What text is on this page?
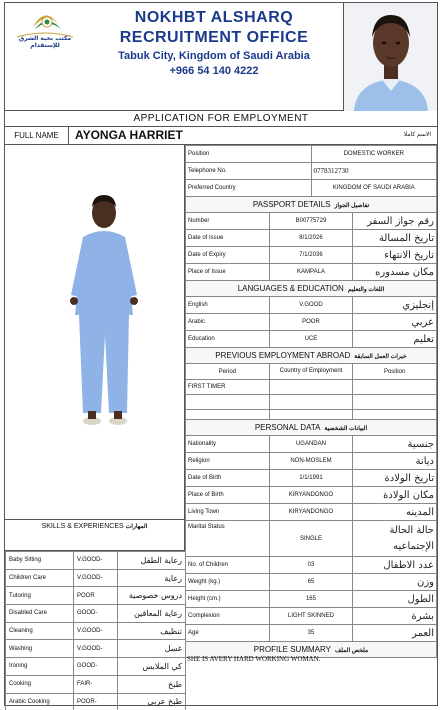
مكتب نخبة الشرق للإستقدام
NOKHBT ALSHARQ
RECRUITMENT OFFICE
Tabuk City, Kingdom of Saudi Arabia
+966 54 140 4222
APPLICATION FOR EMPLOYMENT
FULL NAME	AYONGA HARRIET	الاسم كاملا
Position	DOMESTIC WORKER
Telephone No.	0778312730
Preferred Country	KINGDOM OF SAUDI ARABIA
PASSPORT DETAILS تفاصيل الجواز		
Number	B00775729	رقم جواز السفر
Date of Issue	8/1/2026	تاريخ المسالة
Date of Expiry	7/1/2036	تاريخ الانتهاء
Place of Issue	KAMPALA	مكان مسدوره
LANGUAGES & EDUCATION اللغات والتعليم		
English	V.GOOD	إنجليزي
Arabic	POOR	عربي
Education	UCE	تعليم
PREVIOUS EMPLOYMENT ABROAD خبرات العمل السابقة		
Period	Country of Employment	Position
FIRST TIMER		

PERSONAL DATA البيانات الشخصية		
Nationality	UGANDAN	جنسية
Religion	NON-MOSLEM	ديانة
Date of Birth	1/1/1991	تاريخ الولادة
Place of Birth	KIRYANDONGO	مكان الولادة
Living Town	KIRYANDONGO	المدينه
Marital Status	SINGLE	حالة الحالة الإجتماعيه
No. of Children	03	عدد الاطفال
Weight (kg.)	65	وزن
Height (cm.)	165	الطول
Complexion	LIGHT SKINNED	بشرة
Age	35	العمر
PROFILE SUMMARY ملخص الملف		
SHE IS AVERY HARD WORKING WOMAN.
SKILLS & EXPERIENCES المهارات
Baby Sitting	V.GOOD-	رعاية الطفل
Children Care	V.GOOD-	رعاية
Tutoring	POOR	دروس خصوصية
Disabled Care	GOOD-	رعاية المعاقين
Cleaning	V.GOOD-	تنظيف
Washing	V.GOOD-	غسل
Ironing	GOOD-	كي الملابس
Cooking	FAIR-	طبخ
Arabic Cooking	POOR-	طبخ عربي
